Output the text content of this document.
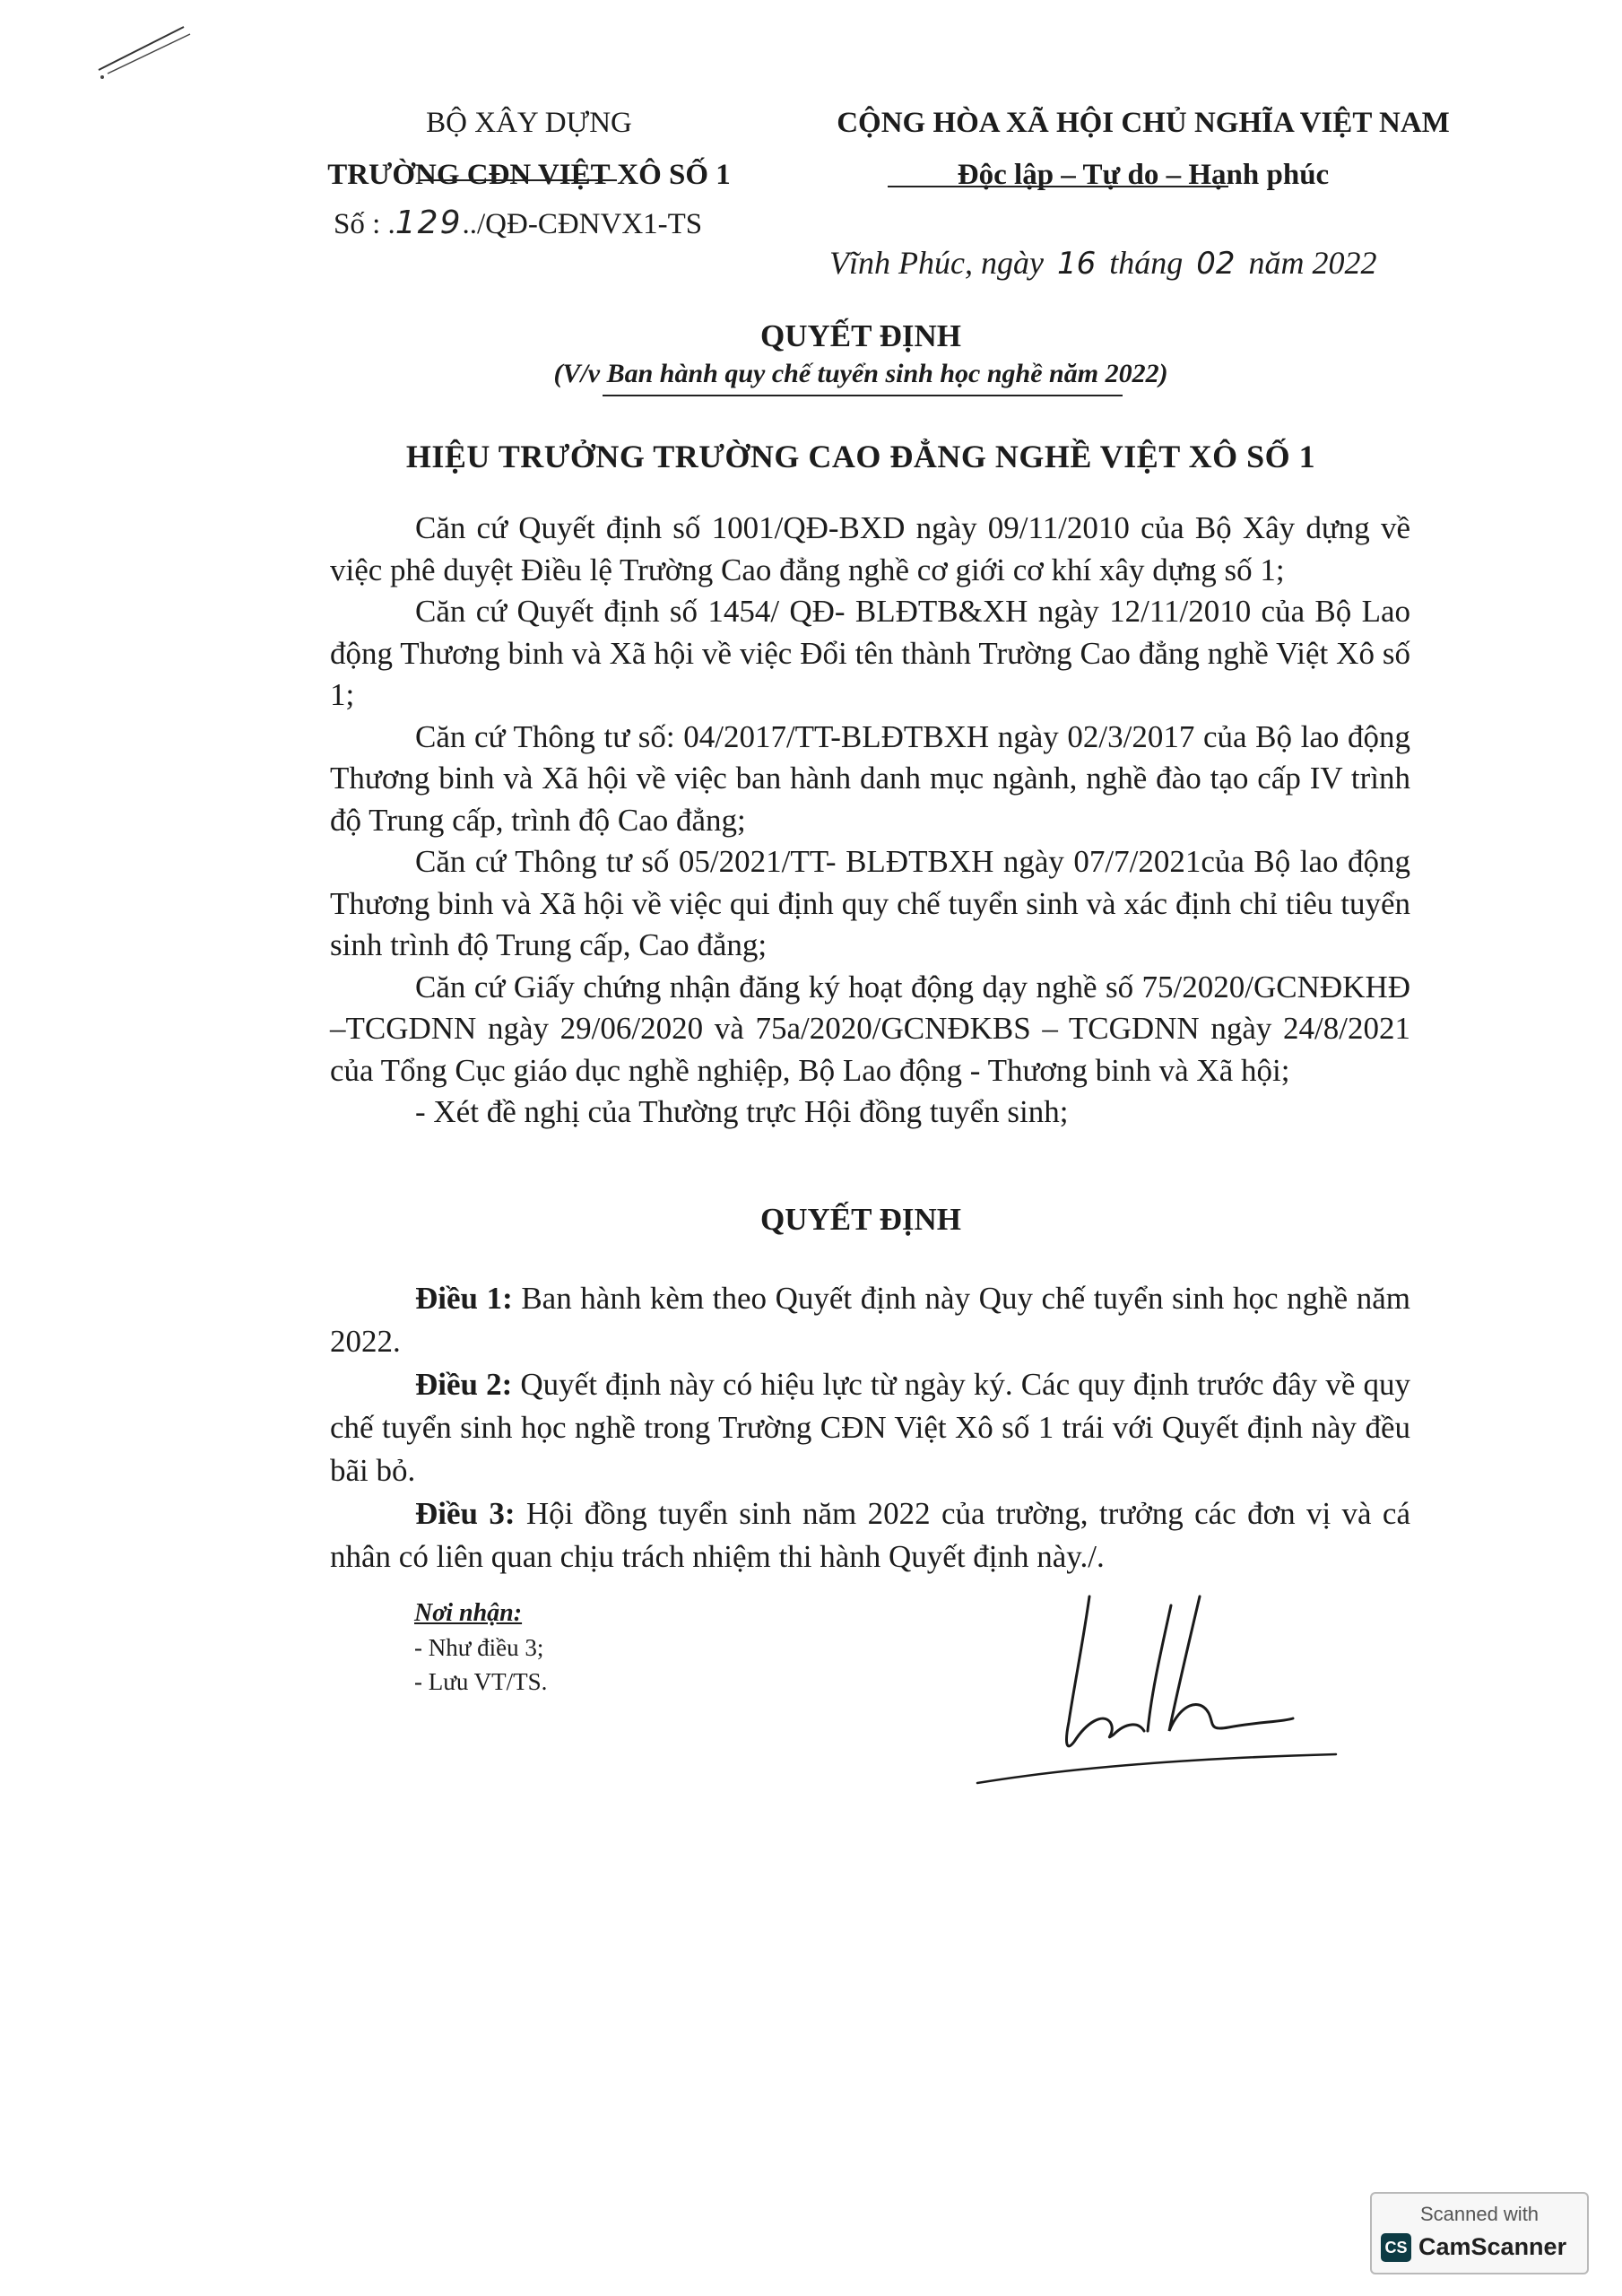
BỘ XÂY DỰNG
TRƯỜNG CĐN VIỆT XÔ SỐ 1
Số : .129../QĐ-CĐNVX1-TS
CỘNG HÒA XÃ HỘI CHỦ NGHĨA VIỆT NAM
Độc lập – Tự do – Hạnh phúc
Vĩnh Phúc, ngày 16 tháng 02 năm 2022
QUYẾT ĐỊNH
(V/v Ban hành quy chế tuyển sinh học nghề năm 2022)
HIỆU TRƯỞNG TRƯỜNG CAO ĐẲNG NGHỀ VIỆT XÔ SỐ 1

Căn cứ Quyết định số 1001/QĐ-BXD ngày 09/11/2010 của Bộ Xây dựng về việc phê duyệt Điều lệ Trường Cao đẳng nghề cơ giới cơ khí xây dựng số 1;

Căn cứ Quyết định số 1454/ QĐ- BLĐTB&XH ngày 12/11/2010 của Bộ Lao động Thương binh và Xã hội về việc Đổi tên thành Trường Cao đẳng nghề Việt Xô số 1;

Căn cứ Thông tư số: 04/2017/TT-BLĐTBXH ngày 02/3/2017 của Bộ lao động Thương binh và Xã hội về việc ban hành danh mục ngành, nghề đào tạo cấp IV trình độ Trung cấp, trình độ Cao đẳng;

Căn cứ Thông tư số 05/2021/TT- BLĐTBXH ngày 07/7/2021của Bộ lao động Thương binh và Xã hội về việc qui định quy chế tuyển sinh và xác định chỉ tiêu tuyển sinh trình độ Trung cấp, Cao đẳng;

Căn cứ Giấy chứng nhận đăng ký hoạt động dạy nghề số 75/2020/GCNĐKHĐ –TCGDNN ngày 29/06/2020 và 75a/2020/GCNĐKBS – TCGDNN ngày 24/8/2021 của Tổng Cục giáo dục nghề nghiệp, Bộ Lao động - Thương binh và Xã hội;

- Xét đề nghị của Thường trực Hội đồng tuyển sinh;

QUYẾT ĐỊNH

Điều 1: Ban hành kèm theo Quyết định này Quy chế tuyển sinh học nghề năm 2022.

Điều 2: Quyết định này có hiệu lực từ ngày ký. Các quy định trước đây về quy chế tuyển sinh học nghề trong Trường CĐN Việt Xô số 1 trái với Quyết định này đều bãi bỏ.

Điều 3: Hội đồng tuyển sinh năm 2022 của trường, trưởng các đơn vị và cá nhân có liên quan chịu trách nhiệm thi hành Quyết định này./.

Nơi nhận:
- Như điều 3;
- Lưu VT/TS.
Scanned with
CS CamScanner
